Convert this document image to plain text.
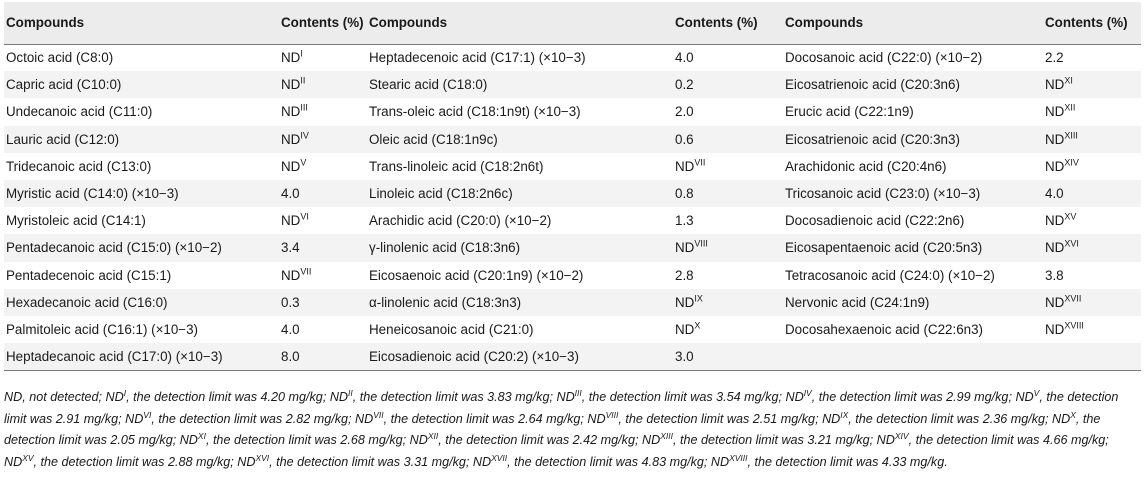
Compounds	Contents (%)	Compounds	Contents (%)	Compounds	Contents (%)
Octoic acid (C8:0)	$ND^I$	Heptadecenoic acid (C17:1) (×10−3)	4.0	Docosanoic acid (C22:0) (×10−2)	2.2
Capric acid (C10:0)	$ND^{II}$	Stearic acid (C18:0)	0.2	Eicosatrienoic acid (C20:3n6)	$ND^{XI}$
Undecanoic acid (C11:0)	$ND^{III}$	Trans-oleic acid (C18:1n9t) (×10−3)	2.0	Erucic acid (C22:1n9)	$ND^{XII}$
Lauric acid (C12:0)	$ND^{IV}$	Oleic acid (C18:1n9c)	0.6	Eicosatrienoic acid (C20:3n3)	$ND^{XIII}$
Tridecanoic acid (C13:0)	$ND^V$	Trans-linoleic acid (C18:2n6t)	$ND^{VII}$	Arachidonic acid (C20:4n6)	$ND^{XIV}$
Myristic acid (C14:0) (×10−3)	4.0	Linoleic acid (C18:2n6c)	0.8	Tricosanoic acid (C23:0) (×10−3)	4.0
Myristoleic acid (C14:1)	$ND^{VI}$	Arachidic acid (C20:0) (×10−2)	1.3	Docosadienoic acid (C22:2n6)	$ND^{XV}$
Pentadecanoic acid (C15:0) (×10−2)	3.4	γ-linolenic acid (C18:3n6)	$ND^{VIII}$	Eicosapentaenoic acid (C20:5n3)	$ND^{XVI}$
Pentadecenoic acid (C15:1)	$ND^{VII}$	Eicosaenoic acid (C20:1n9) (×10−2)	2.8	Tetracosanoic acid (C24:0) (×10−2)	3.8
Hexadecanoic acid (C16:0)	0.3	α-linolenic acid (C18:3n3)	$ND^{IX}$	Nervonic acid (C24:1n9)	$ND^{XVII}$
Palmitoleic acid (C16:1) (×10−3)	4.0	Heneicosanoic acid (C21:0)	$ND^X$	Docosahexaenoic acid (C22:6n3)	$ND^{XVIII}$
Heptadecanoic acid (C17:0) (×10−3)	8.0	Eicosadienoic acid (C20:2) (×10−3)	3.0		
ND, not detected; $ND^I$, the detection limit was 4.20 mg/kg; $ND^{II}$, the detection limit was 3.83 mg/kg; $ND^{III}$, the detection limit was 3.54 mg/kg; $ND^{IV}$, the detection limit was 2.99 mg/kg; $ND^V$, the detection limit was 2.91 mg/kg; $ND^{VI}$, the detection limit was 2.82 mg/kg; $ND^{VII}$, the detection limit was 2.64 mg/kg; $ND^{VIII}$, the detection limit was 2.51 mg/kg; $ND^{IX}$, the detection limit was 2.36 mg/kg; $ND^X$, the detection limit was 2.05 mg/kg; $ND^{XI}$, the detection limit was 2.68 mg/kg; $ND^{XII}$, the detection limit was 2.42 mg/kg; $ND^{XIII}$, the detection limit was 3.21 mg/kg; $ND^{XIV}$, the detection limit was 4.66 mg/kg; $ND^{XV}$, the detection limit was 2.88 mg/kg; $ND^{XVI}$, the detection limit was 3.31 mg/kg; $ND^{XVII}$, the detection limit was 4.83 mg/kg; $ND^{XVIII}$, the detection limit was 4.33 mg/kg.
